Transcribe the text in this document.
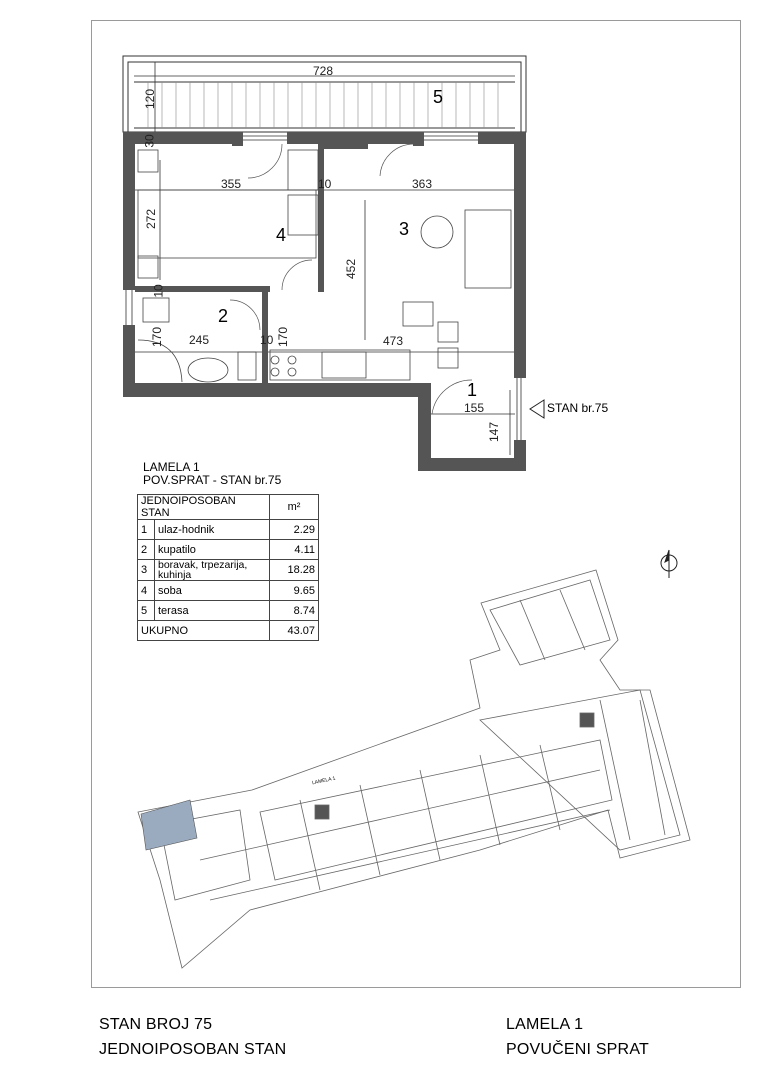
728
120
30
355	10	363
272
452
10
170 245	10 170	473
155
147
1
2
3
4
5
STAN br.75
LAMELA 1
POV.SPRAT - STAN br.75
JEDNOIPOSOBAN STAN		m²
1	ulaz-hodnik	2.29
2	kupatilo	4.11
3	boravak, trpezarija, kuhinja	18.28
4	soba	9.65
5	terasa	8.74
UKUPNO		43.07
LAMELA 1
STAN BROJ 75
JEDNOIPOSOBAN STAN
LAMELA 1
POVUČENI SPRAT
